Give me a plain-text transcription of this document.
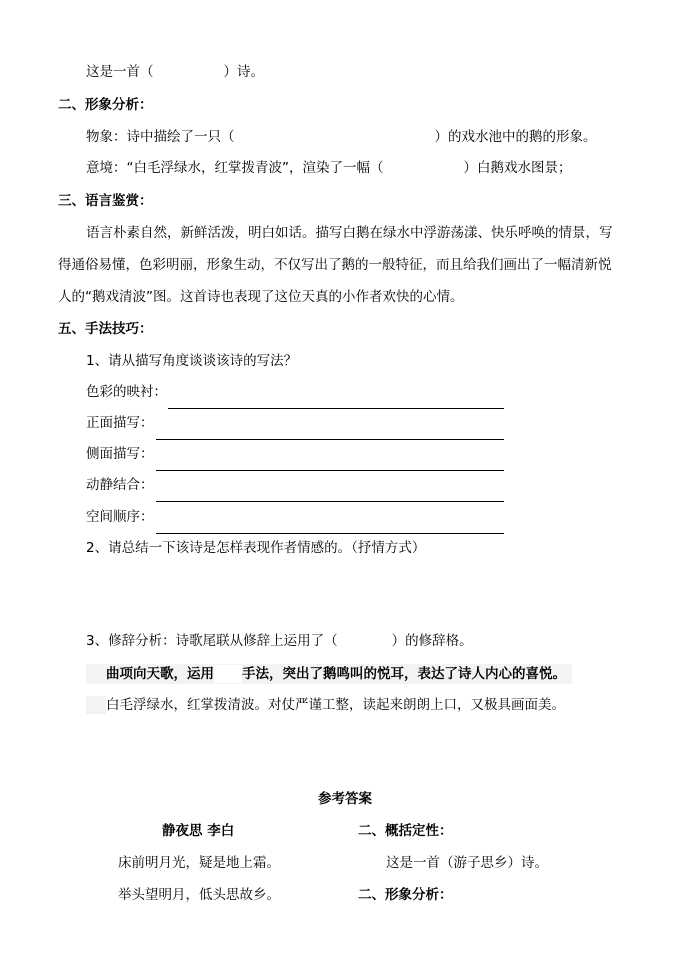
这是一首（	）诗。
二、形象分析：
物象：诗中描绘了一只（	）的戏水池中的鹅的形象。
意境：“白毛浮绿水，红掌拨青波”，渲染了一幅（	）白鹅戏水图景；
三、语言鉴赏：
语言朴素自然，新鲜活泼，明白如话。描写白鹅在绿水中浮游荡漾、快乐呼唤的情景，写
得通俗易懂，色彩明丽，形象生动，不仅写出了鹅的一般特征，而且给我们画出了一幅清新悦
人的“鹅戏清波”图。这首诗也表现了这位天真的小作者欢快的心情。
五、手法技巧：
1、请从描写角度谈谈该诗的写法？
色彩的映衬：
正面描写：
侧面描写：
动静结合：
空间顺序：
2、请总结一下该诗是怎样表现作者情感的。（抒情方式）
3、修辞分析：诗歌尾联从修辞上运用了（	）的修辞格。
曲项向天歌，运用 手法，突出了鹅鸣叫的悦耳，表达了诗人内心的喜悦。
白毛浮绿水，红掌拨清波。对仗严谨工整，读起来朗朗上口，又极具画面美。
参考答案
静夜思 李白	二、概括定性：
床前明月光，疑是地上霜。	这是一首（游子思乡）诗。
举头望明月，低头思故乡。	二、形象分析：
